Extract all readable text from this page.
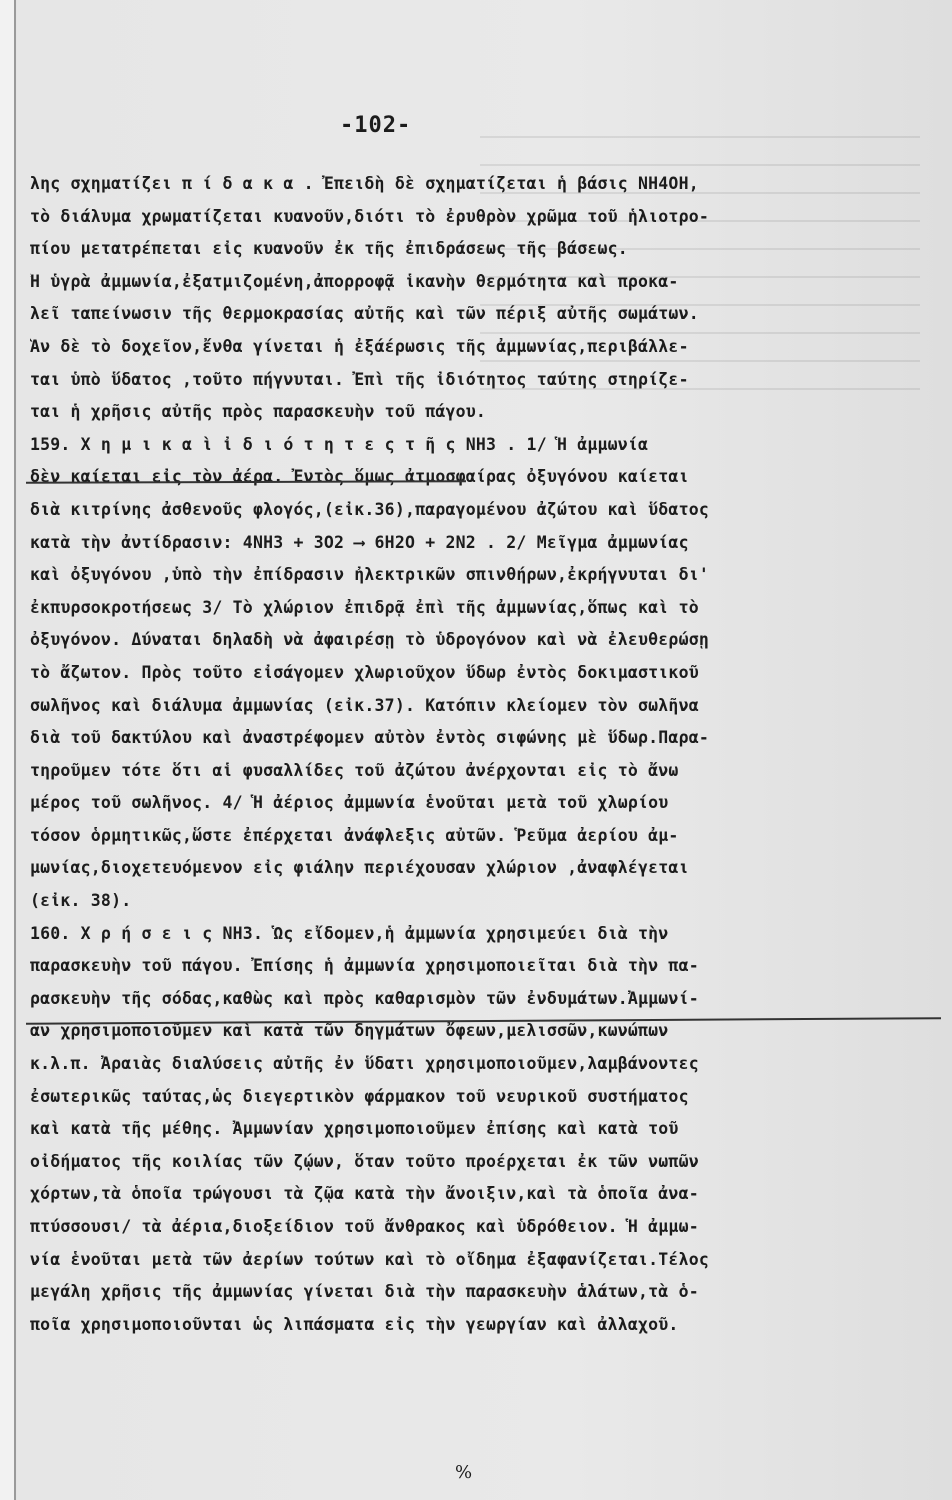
-102-
λης σχηματίζει π ί δ α κ α . Ἐπειδὴ δὲ σχηματίζεται ἡ βάσις NH4OH,
τὸ διάλυμα χρωματίζεται κυανοῦν,διότι τὸ ἐρυθρὸν χρῶμα τοῦ ἡλιοτρο-
πίου μετατρέπεται εἰς κυανοῦν ἐκ τῆς ἐπιδράσεως τῆς βάσεως.
Ἡ ὑγρὰ ἀμμωνία,ἐξατμιζομένη,ἀπορροφᾷ ἱκανὴν θερμότητα καὶ προκα-
λεῖ ταπείνωσιν τῆς θερμοκρασίας αὐτῆς καὶ τῶν πέριξ αὐτῆς σωμάτων.
Ἂν δὲ τὸ δοχεῖον,ἔνθα γίνεται ἡ ἐξάέρωσις τῆς ἀμμωνίας,περιβάλλε-
ται ὑπὸ ὕδατος ,τοῦτο πήγνυται. Ἐπὶ τῆς ἰδιότητος ταύτης στηρίζε-
ται ἡ χρῆσις αὐτῆς πρὸς παρασκευὴν τοῦ πάγου.
159. Χ η μ ι κ α ὶ ἰ δ ι ό τ η τ ε ς τ ῆ ς NH3 . 1/ Ἡ ἀμμωνία
δὲν καίεται εἰς τὸν ἀέρα. Ἐντὸς ὅμως ἀτμοσφαίρας ὀξυγόνου καίεται
διὰ κιτρίνης ἀσθενοῦς φλογός,(εἰκ.36),παραγομένου ἀζώτου καὶ ὕδατος
κατὰ τὴν ἀντίδρασιν: 4NH3 + 3O2 ⟶ 6H2O + 2N2 . 2/ Μεῖγμα ἀμμωνίας
καὶ ὀξυγόνου ,ὑπὸ τὴν ἐπίδρασιν ἠλεκτρικῶν σπινθήρων,ἐκρήγνυται δι'
ἐκπυρσοκροτήσεως 3/ Τὸ χλώριον ἐπιδρᾷ ἐπὶ τῆς ἀμμωνίας,ὅπως καὶ τὸ
ὀξυγόνον. Δύναται δηλαδὴ νὰ ἀφαιρέσῃ τὸ ὑδρογόνον καὶ νὰ ἐλευθερώσῃ
τὸ ἄζωτον. Πρὸς τοῦτο εἰσάγομεν χλωριοῦχον ὕδωρ ἐντὸς δοκιμαστικοῦ
σωλῆνος καὶ διάλυμα ἀμμωνίας (εἰκ.37). Κατόπιν κλείομεν τὸν σωλῆνα
διὰ τοῦ δακτύλου καὶ ἀναστρέφομεν αὐτὸν ἐντὸς σιφώνης μὲ ὕδωρ.Παρα-
τηροῦμεν τότε ὅτι αἱ φυσαλλίδες τοῦ ἀζώτου ἀνέρχονται εἰς τὸ ἄνω
μέρος τοῦ σωλῆνος. 4/ Ἡ ἀέριος ἀμμωνία ἑνοῦται μετὰ τοῦ χλωρίου
τόσον ὁρμητικῶς,ὥστε ἐπέρχεται ἀνάφλεξις αὐτῶν. Ῥεῦμα ἀερίου ἀμ-
μωνίας,διοχετευόμενον εἰς φιάλην περιέχουσαν χλώριον ,ἀναφλέγεται
(εἰκ. 38).
160. Χ ρ ή σ ε ι ς NH3. Ὡς εἴδομεν,ἡ ἀμμωνία χρησιμεύει διὰ τὴν
παρασκευὴν τοῦ πάγου. Ἐπίσης ἡ ἀμμωνία χρησιμοποιεῖται διὰ τὴν πα-
ρασκευὴν τῆς σόδας,καθὼς καὶ πρὸς καθαρισμὸν τῶν ἐνδυμάτων.Ἀμμωνί-
αν χρησιμοποιοῦμεν καὶ κατὰ τῶν δηγμάτων ὄφεων,μελισσῶν,κωνώπων
κ.λ.π. Ἀραιὰς διαλύσεις αὐτῆς ἐν ὕδατι χρησιμοποιοῦμεν,λαμβάνοντες
ἐσωτερικῶς ταύτας,ὡς διεγερτικὸν φάρμακον τοῦ νευρικοῦ συστήματος
καὶ κατὰ τῆς μέθης. Ἀμμωνίαν χρησιμοποιοῦμεν ἐπίσης καὶ κατὰ τοῦ
οἰδήματος τῆς κοιλίας τῶν ζῴων, ὅταν τοῦτο προέρχεται ἐκ τῶν νωπῶν
χόρτων,τὰ ὁποῖα τρώγουσι τὰ ζῷα κατὰ τὴν ἄνοιξιν,καὶ τὰ ὁποῖα ἀνα-
πτύσσουσι/ τὰ ἀέρια,διοξείδιον τοῦ ἄνθρακος καὶ ὑδρόθειον. Ἡ ἀμμω-
νία ἑνοῦται μετὰ τῶν ἀερίων τούτων καὶ τὸ οἴδημα ἐξαφανίζεται.Τέλος
μεγάλη χρῆσις τῆς ἀμμωνίας γίνεται διὰ τὴν παρασκευὴν ἁλάτων,τὰ ὁ-
ποῖα χρησιμοποιοῦνται ὡς λιπάσματα εἰς τὴν γεωργίαν καὶ ἀλλαχοῦ.
%
